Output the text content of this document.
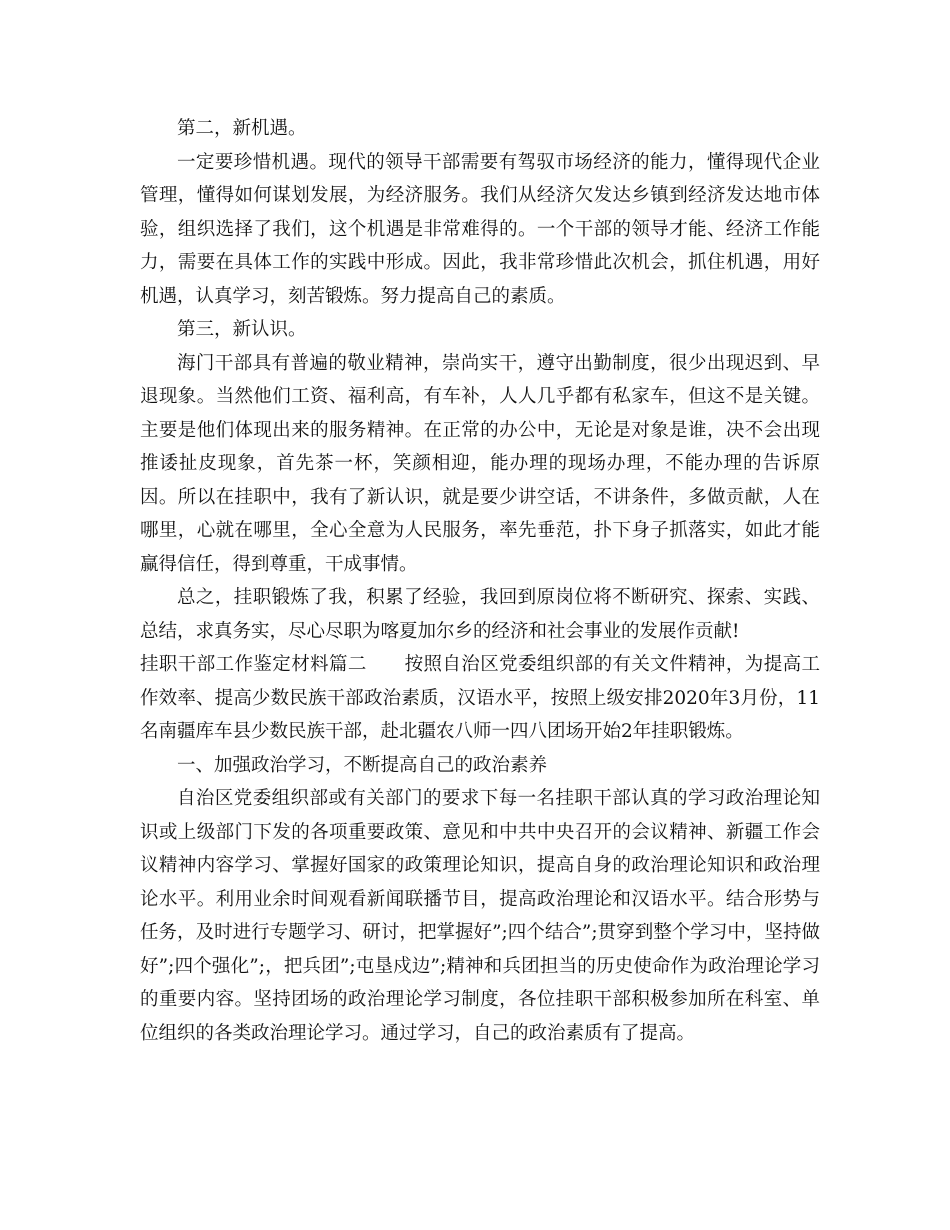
第二，新机遇。

一定要珍惜机遇。现代的领导干部需要有驾驭市场经济的能力，懂得现代企业管理，懂得如何谋划发展，为经济服务。我们从经济欠发达乡镇到经济发达地市体验，组织选择了我们，这个机遇是非常难得的。一个干部的领导才能、经济工作能力，需要在具体工作的实践中形成。因此，我非常珍惜此次机会，抓住机遇，用好机遇，认真学习，刻苦锻炼。努力提高自己的素质。

第三，新认识。

海门干部具有普遍的敬业精神，崇尚实干，遵守出勤制度，很少出现迟到、早退现象。当然他们工资、福利高，有车补，人人几乎都有私家车，但这不是关键。主要是他们体现出来的服务精神。在正常的办公中，无论是对象是谁，决不会出现推诿扯皮现象，首先茶一杯，笑颜相迎，能办理的现场办理，不能办理的告诉原因。所以在挂职中，我有了新认识，就是要少讲空话，不讲条件，多做贡献，人在哪里，心就在哪里，全心全意为人民服务，率先垂范，扑下身子抓落实，如此才能赢得信任，得到尊重，干成事情。

总之，挂职锻炼了我，积累了经验，我回到原岗位将不断研究、探索、实践、总结，求真务实，尽心尽职为喀夏加尔乡的经济和社会事业的发展作贡献!

挂职干部工作鉴定材料篇二　　按照自治区党委组织部的有关文件精神，为提高工作效率、提高少数民族干部政治素质，汉语水平，按照上级安排2020年3月份，11名南疆库车县少数民族干部，赴北疆农八师一四八团场开始2年挂职锻炼。

一、加强政治学习，不断提高自己的政治素养

自治区党委组织部或有关部门的要求下每一名挂职干部认真的学习政治理论知识或上级部门下发的各项重要政策、意见和中共中央召开的会议精神、新疆工作会议精神内容学习、掌握好国家的政策理论知识，提高自身的政治理论知识和政治理论水平。利用业余时间观看新闻联播节目，提高政治理论和汉语水平。结合形势与任务，及时进行专题学习、研讨，把掌握好”;四个结合”;贯穿到整个学习中，坚持做好”;四个强化”;，把兵团”;屯垦戍边”;精神和兵团担当的历史使命作为政治理论学习的重要内容。坚持团场的政治理论学习制度，各位挂职干部积极参加所在科室、单位组织的各类政治理论学习。通过学习，自己的政治素质有了提高。
